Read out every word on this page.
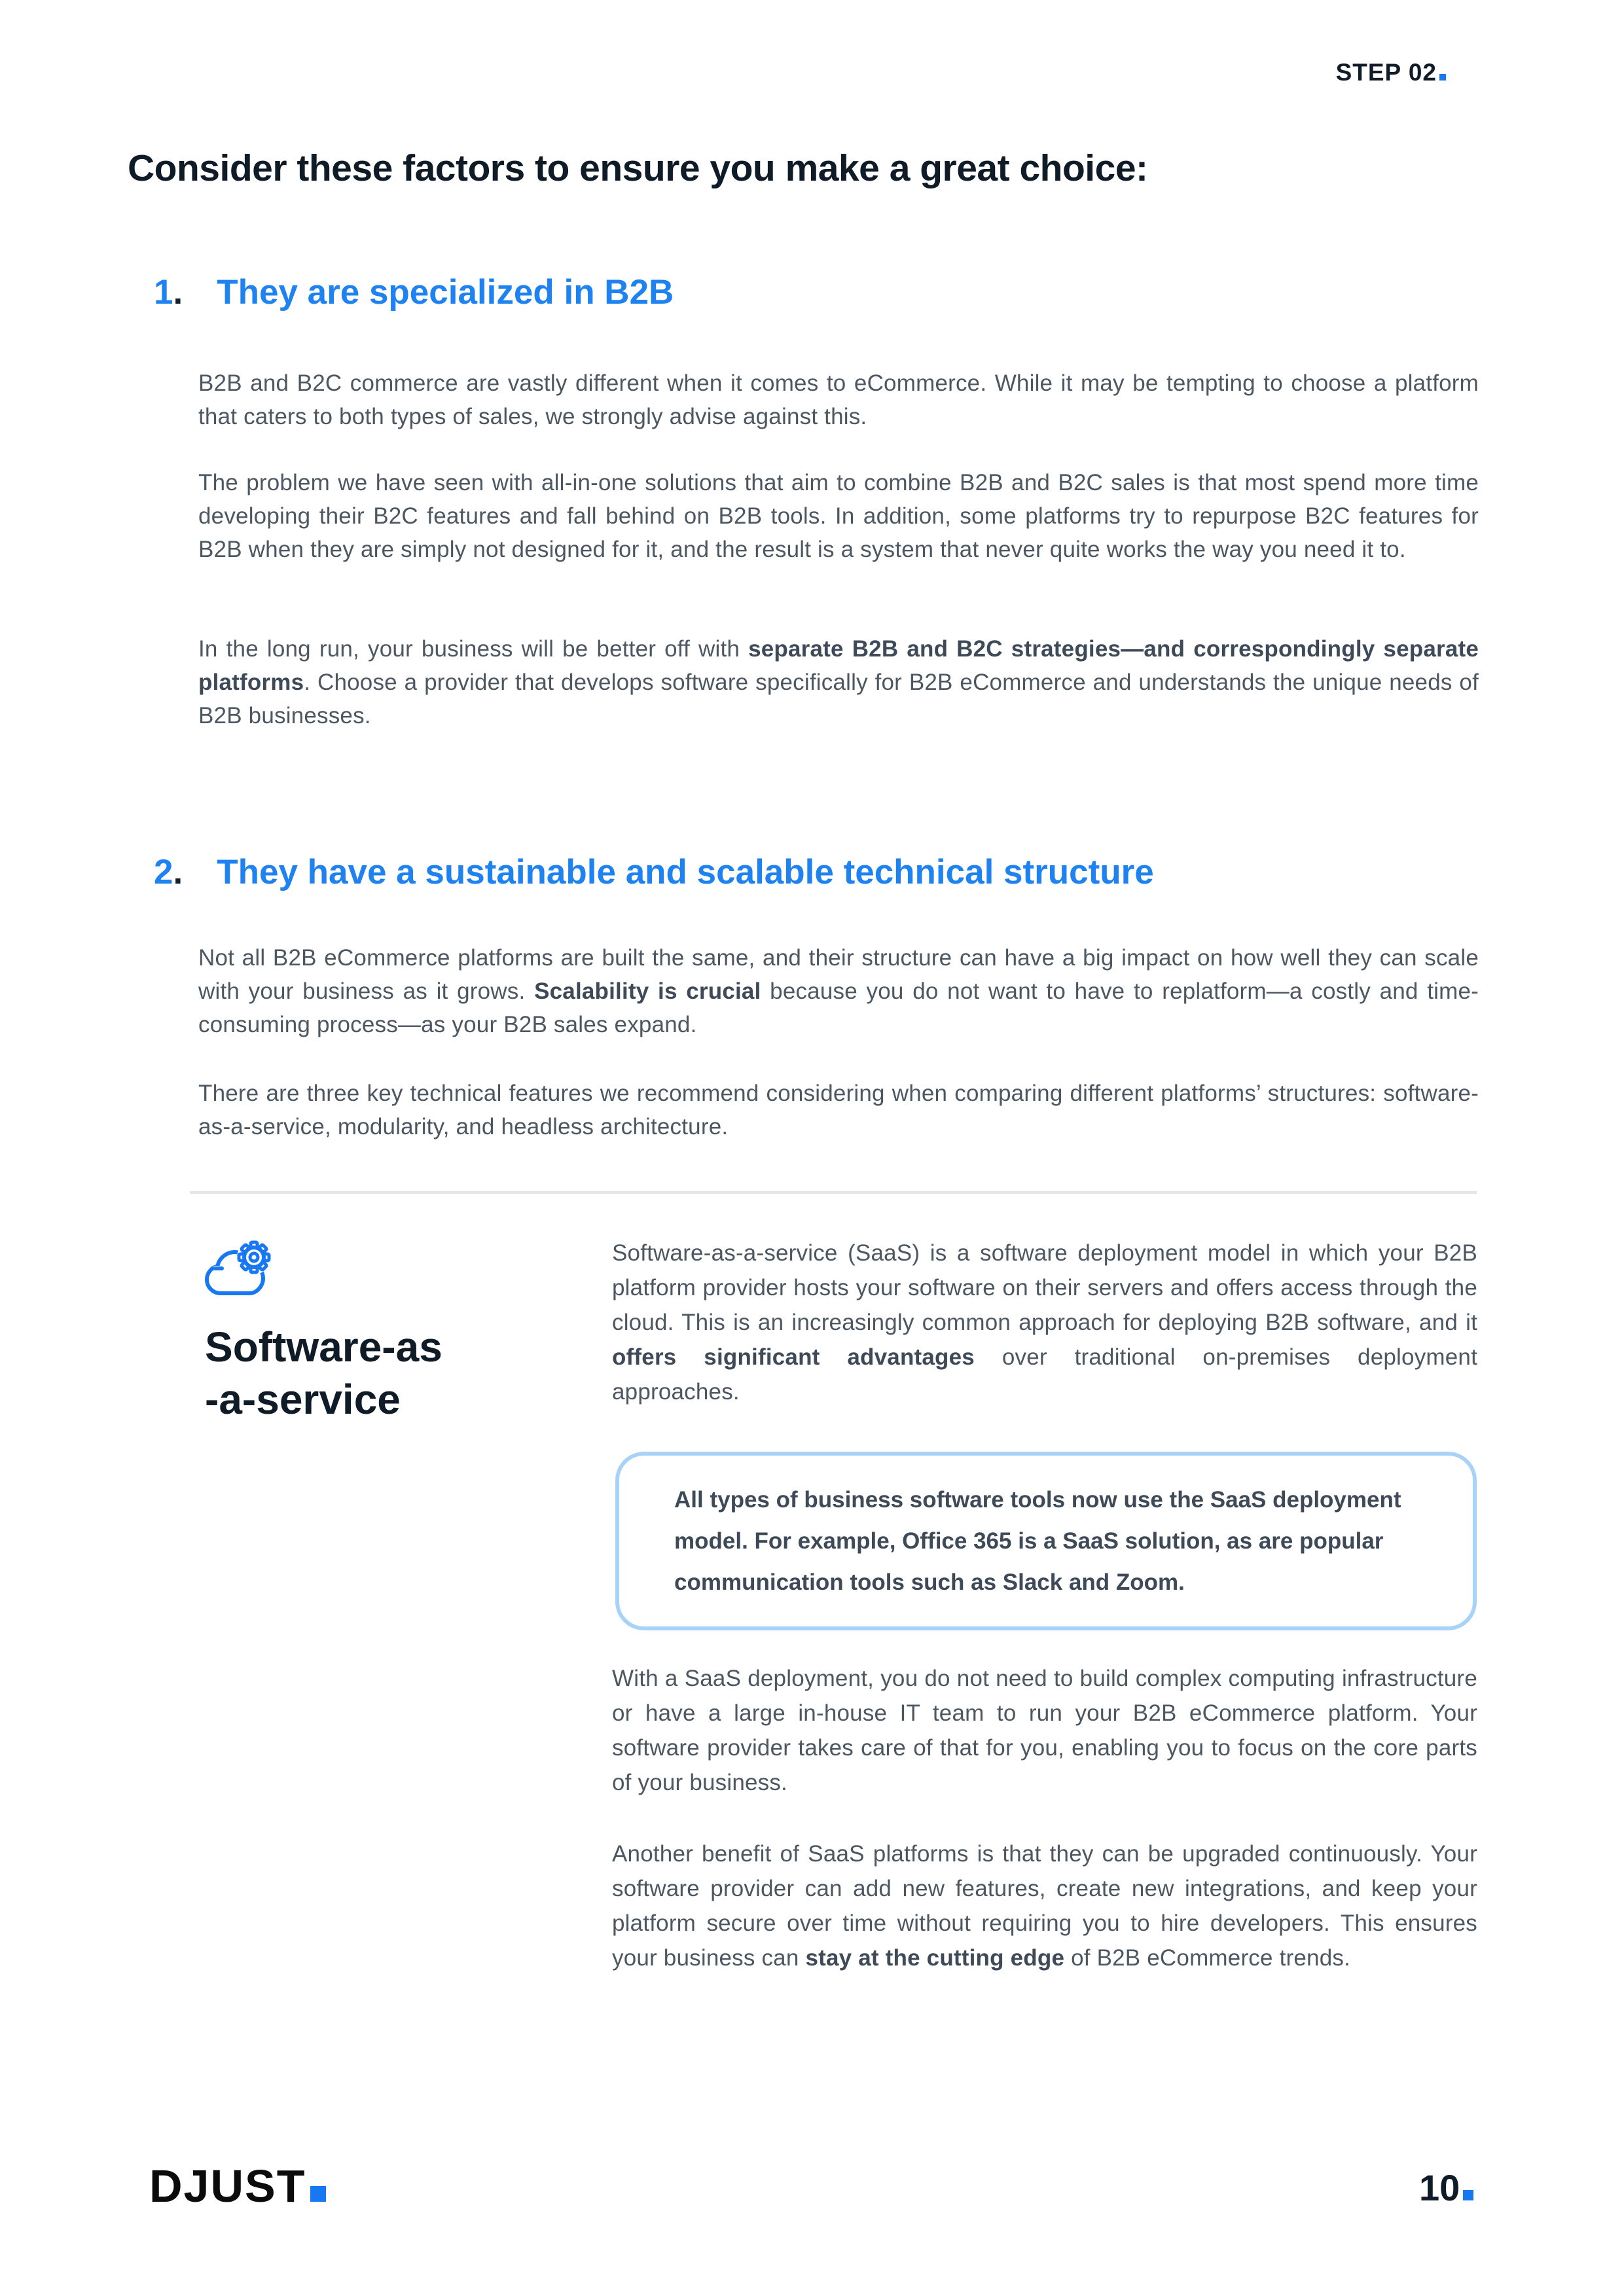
STEP 02
Consider these factors to ensure you make a great choice:
1. They are specialized in B2B

B2B and B2C commerce are vastly different when it comes to eCommerce. While it may be tempting to choose a platform that caters to both types of sales, we strongly advise against this.

The problem we have seen with all-in-one solutions that aim to combine B2B and B2C sales is that most spend more time developing their B2C features and fall behind on B2B tools. In addition, some platforms try to repurpose B2C features for B2B when they are simply not designed for it, and the result is a system that never quite works the way you need it to.

In the long run, your business will be better off with separate B2B and B2C strategies—and correspondingly separate platforms. Choose a provider that develops software specifically for B2B eCommerce and understands the unique needs of B2B businesses.

2. They have a sustainable and scalable technical structure

Not all B2B eCommerce platforms are built the same, and their structure can have a big impact on how well they can scale with your business as it grows. Scalability is crucial because you do not want to have to replatform—a costly and time-consuming process—as your B2B sales expand.

There are three key technical features we recommend considering when comparing different platforms’ structures: software-as-a-service, modularity, and headless architecture.

Software-as
-a-service

Software-as-a-service (SaaS) is a software deployment model in which your B2B platform provider hosts your software on their servers and offers access through the cloud. This is an increasingly common approach for deploying B2B software, and it offers significant advantages over traditional on-premises deployment approaches.

All types of business software tools now use the SaaS deployment model. For example, Office 365 is a SaaS solution, as are popular communication tools such as Slack and Zoom.

With a SaaS deployment, you do not need to build complex computing infrastructure or have a large in-house IT team to run your B2B eCommerce platform. Your software provider takes care of that for you, enabling you to focus on the core parts of your business.

Another benefit of SaaS platforms is that they can be upgraded continuously. Your software provider can add new features, create new integrations, and keep your platform secure over time without requiring you to hire developers. This ensures your business can stay at the cutting edge of B2B eCommerce trends.

DJUST	10
